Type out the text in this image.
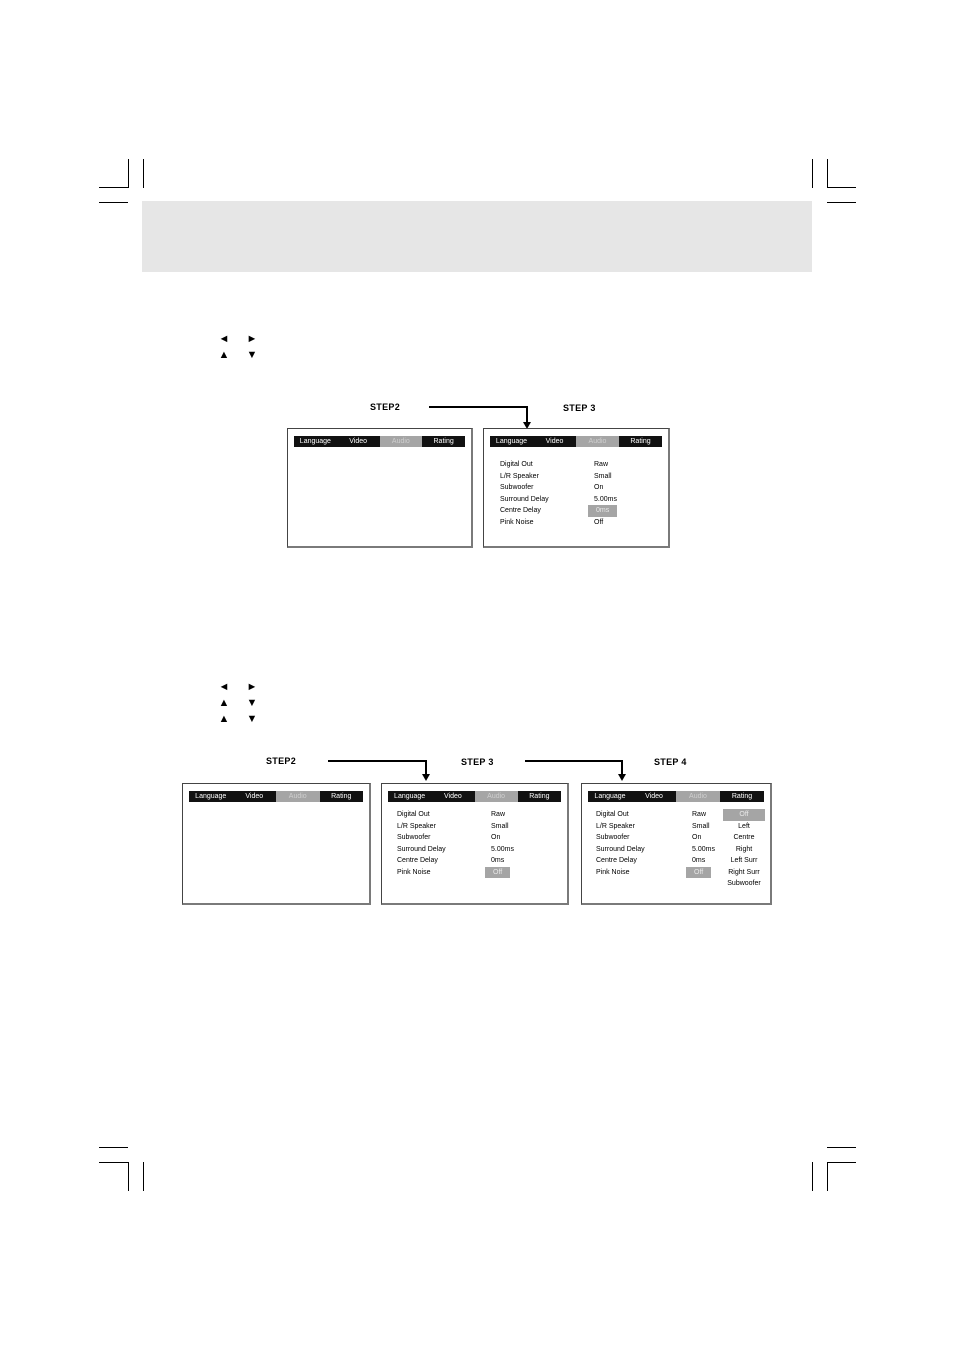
◄ ►
▲ ▼
STEP2	STEP 3
Language	Video	Audio	Rating	Language	Video	Audio	Rating
Digital Out	Raw
L/R Speaker	Small
Subwoofer	On
Surround Delay	5.00ms
Centre Delay	0ms
Pink Noise	Off
◄ ►
▲ ▼
▲ ▼
STEP2	STEP 3	STEP 4
Language	Video	Audio	Rating	Language	Video	Audio	Rating
Digital Out	Raw
L/R Speaker	Small
Subwoofer	On
Surround Delay	5.00ms
Centre Delay	0ms
Pink Noise	Off
Language	Video	Audio	Rating
Digital Out	Raw
L/R Speaker	Small
Subwoofer	On
Surround Delay	5.00ms
Centre Delay	0ms
Pink Noise	Off
Off
Left
Centre
Right
Left Surr
Right Surr
Subwoofer
